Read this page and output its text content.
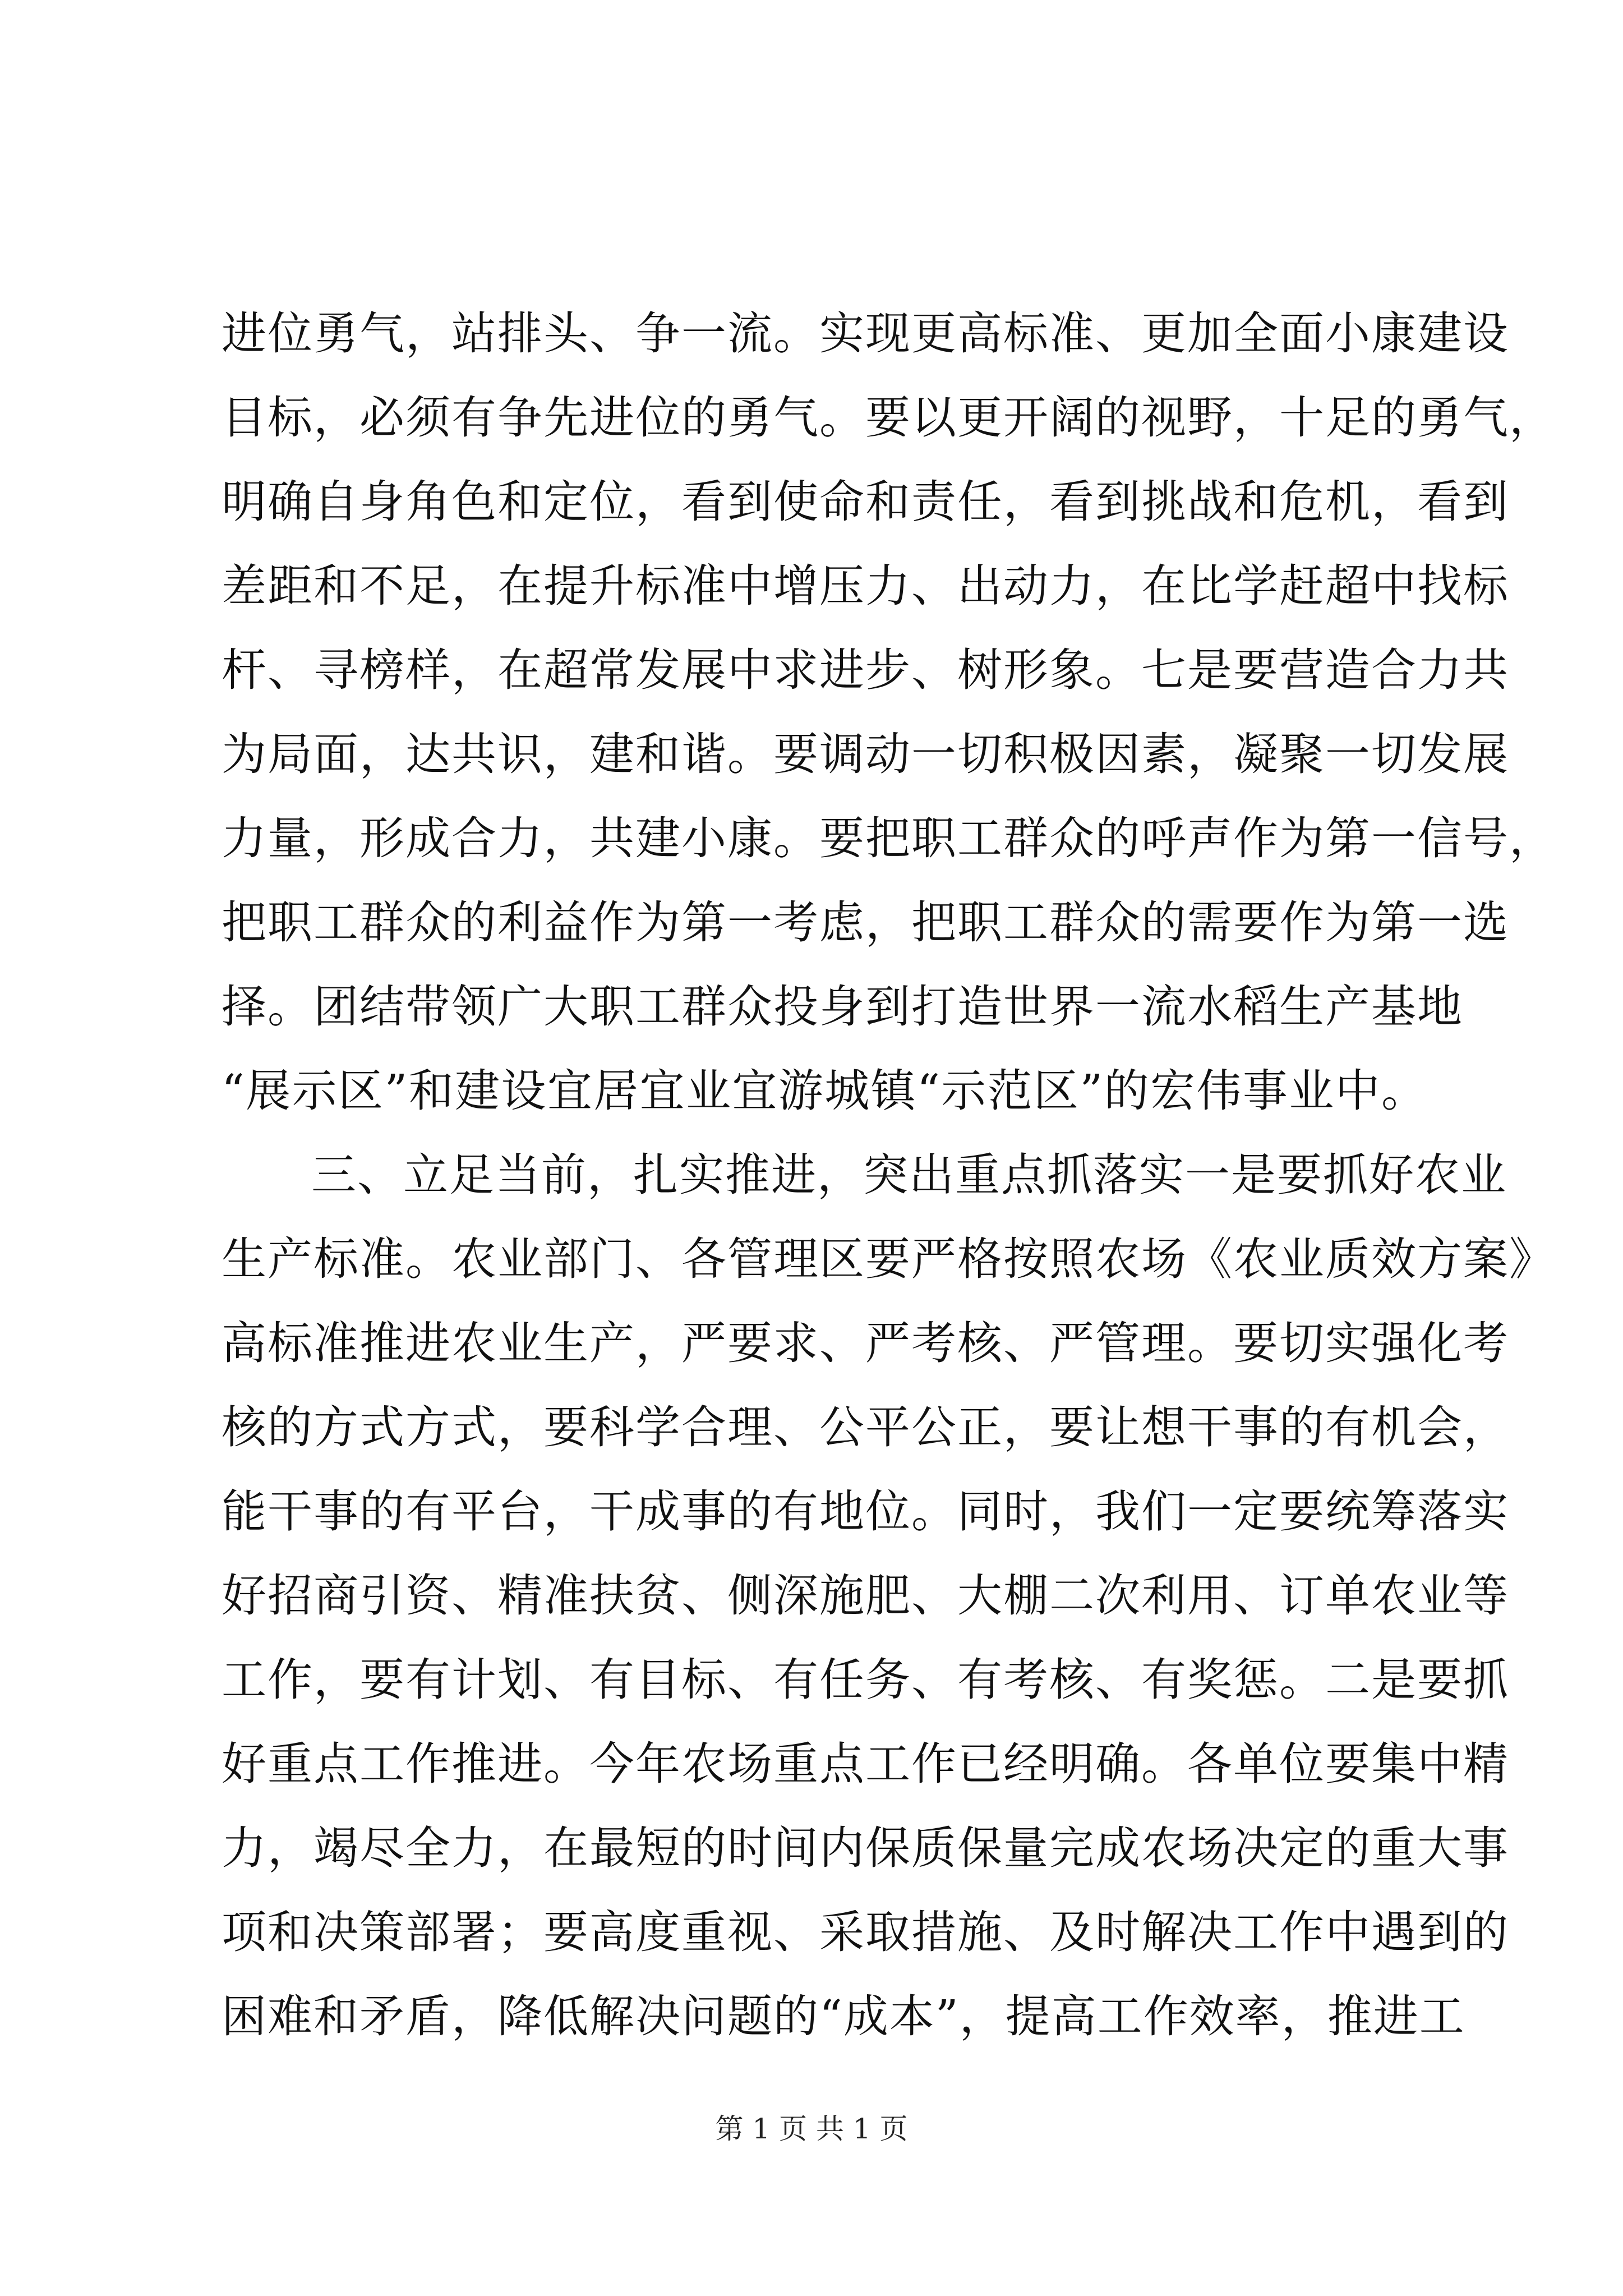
进位勇气，站排头、争一流。实现更高标准、更加全面小康建设
目标，必须有争先进位的勇气。要以更开阔的视野，十足的勇气，
明确自身角色和定位，看到使命和责任，看到挑战和危机，看到
差距和不足，在提升标准中增压力、出动力，在比学赶超中找标
杆、寻榜样，在超常发展中求进步、树形象。七是要营造合力共
为局面，达共识，建和谐。要调动一切积极因素，凝聚一切发展
力量，形成合力，共建小康。要把职工群众的呼声作为第一信号，
把职工群众的利益作为第一考虑，把职工群众的需要作为第一选
择。团结带领广大职工群众投身到打造世界一流水稻生产基地
“展示区”和建设宜居宜业宜游城镇“示范区”的宏伟事业中。
三、立足当前，扎实推进，突出重点抓落实一是要抓好农业
生产标准。农业部门、各管理区要严格按照农场《农业质效方案》
高标准推进农业生产，严要求、严考核、严管理。要切实强化考
核的方式方式，要科学合理、公平公正，要让想干事的有机会，
能干事的有平台，干成事的有地位。同时，我们一定要统筹落实
好招商引资、精准扶贫、侧深施肥、大棚二次利用、订单农业等
工作，要有计划、有目标、有任务、有考核、有奖惩。二是要抓
好重点工作推进。今年农场重点工作已经明确。各单位要集中精
力，竭尽全力，在最短的时间内保质保量完成农场决定的重大事
项和决策部署；要高度重视、采取措施、及时解决工作中遇到的
困难和矛盾，降低解决问题的“成本”，提高工作效率，推进工
第 1 页 共 1 页
